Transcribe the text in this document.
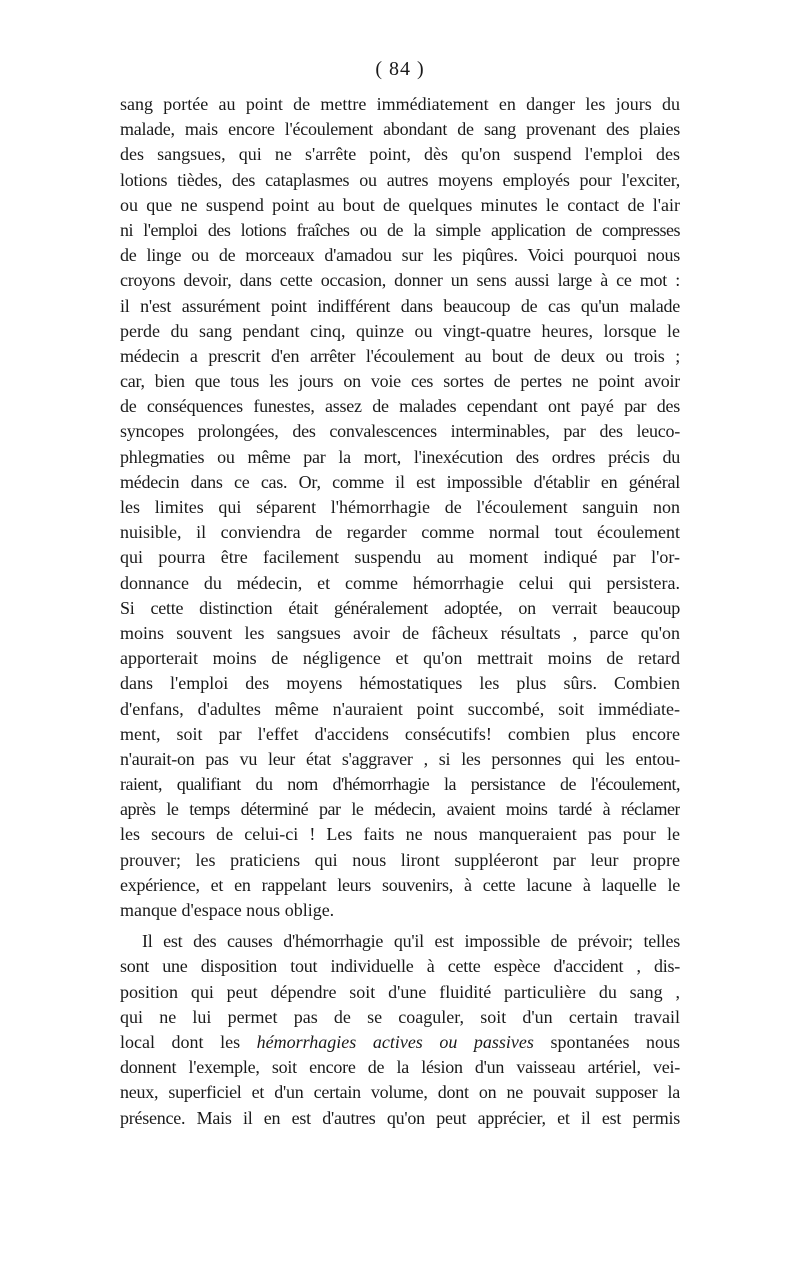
( 84 )
sang portée au point de mettre immédiatement en danger les jours du
malade, mais encore l'écoulement abondant de sang provenant des plaies
des sangsues, qui ne s'arrête point, dès qu'on suspend l'emploi des
lotions tièdes, des cataplasmes ou autres moyens employés pour l'exciter,
ou que ne suspend point au bout de quelques minutes le contact de l'air
ni l'emploi des lotions fraîches ou de la simple application de compresses
de linge ou de morceaux d'amadou sur les piqûres. Voici pourquoi nous
croyons devoir, dans cette occasion, donner un sens aussi large à ce mot :
il n'est assurément point indifférent dans beaucoup de cas qu'un malade
perde du sang pendant cinq, quinze ou vingt-quatre heures, lorsque le
médecin a prescrit d'en arrêter l'écoulement au bout de deux ou trois ;
car, bien que tous les jours on voie ces sortes de pertes ne point avoir
de conséquences funestes, assez de malades cependant ont payé par des
syncopes prolongées, des convalescences interminables, par des leuco-
phlegmaties ou même par la mort, l'inexécution des ordres précis du
médecin dans ce cas. Or, comme il est impossible d'établir en général
les limites qui séparent l'hémorrhagie de l'écoulement sanguin non
nuisible, il conviendra de regarder comme normal tout écoulement
qui pourra être facilement suspendu au moment indiqué par l'or-
donnance du médecin, et comme hémorrhagie celui qui persistera.
Si cette distinction était généralement adoptée, on verrait beaucoup
moins souvent les sangsues avoir de fâcheux résultats , parce qu'on
apporterait moins de négligence et qu'on mettrait moins de retard
dans l'emploi des moyens hémostatiques les plus sûrs. Combien
d'enfans, d'adultes même n'auraient point succombé, soit immédiate-
ment, soit par l'effet d'accidens consécutifs! combien plus encore
n'aurait-on pas vu leur état s'aggraver , si les personnes qui les entou-
raient, qualifiant du nom d'hémorrhagie la persistance de l'écoulement,
après le temps déterminé par le médecin, avaient moins tardé à réclamer
les secours de celui-ci ! Les faits ne nous manqueraient pas pour le
prouver; les praticiens qui nous liront suppléeront par leur propre
expérience, et en rappelant leurs souvenirs, à cette lacune à laquelle le
manque d'espace nous oblige.
Il est des causes d'hémorrhagie qu'il est impossible de prévoir; telles
sont une disposition tout individuelle à cette espèce d'accident , dis-
position qui peut dépendre soit d'une fluidité particulière du sang ,
qui ne lui permet pas de se coaguler, soit d'un certain travail
local dont les hémorrhagies actives ou passives spontanées nous
donnent l'exemple, soit encore de la lésion d'un vaisseau artériel, vei-
neux, superficiel et d'un certain volume, dont on ne pouvait supposer la
présence. Mais il en est d'autres qu'on peut apprécier, et il est permis
